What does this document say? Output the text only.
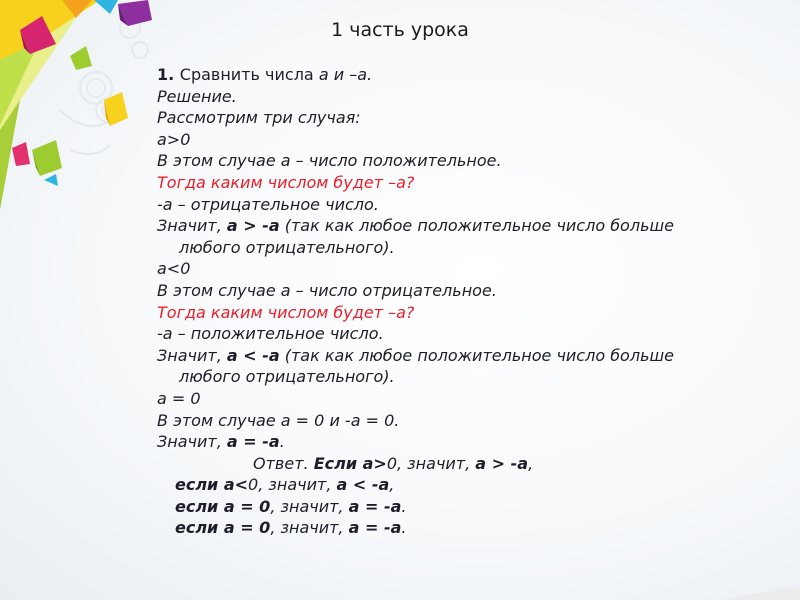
1 часть урока
1. Сравнить числа а и –а.
Решение.
Рассмотрим три случая:
a>0
В этом случае а – число положительное.
Тогда каким числом будет –а?
-а – отрицательное число.
Значит, а > -а (так как любое положительное число больше
любого отрицательного).
a<0
В этом случае а – число отрицательное.
Тогда каким числом будет –а?
-а – положительное число.
Значит, а < -а (так как любое положительное число больше
любого отрицательного).
a = 0
В этом случае а = 0 и -а = 0.
Значит, а = -а.
Ответ. Если а>0, значит, а > -а,
если а<0, значит, а < -а,
если а = 0, значит, а = -а.
если а = 0, значит, а = -а.
